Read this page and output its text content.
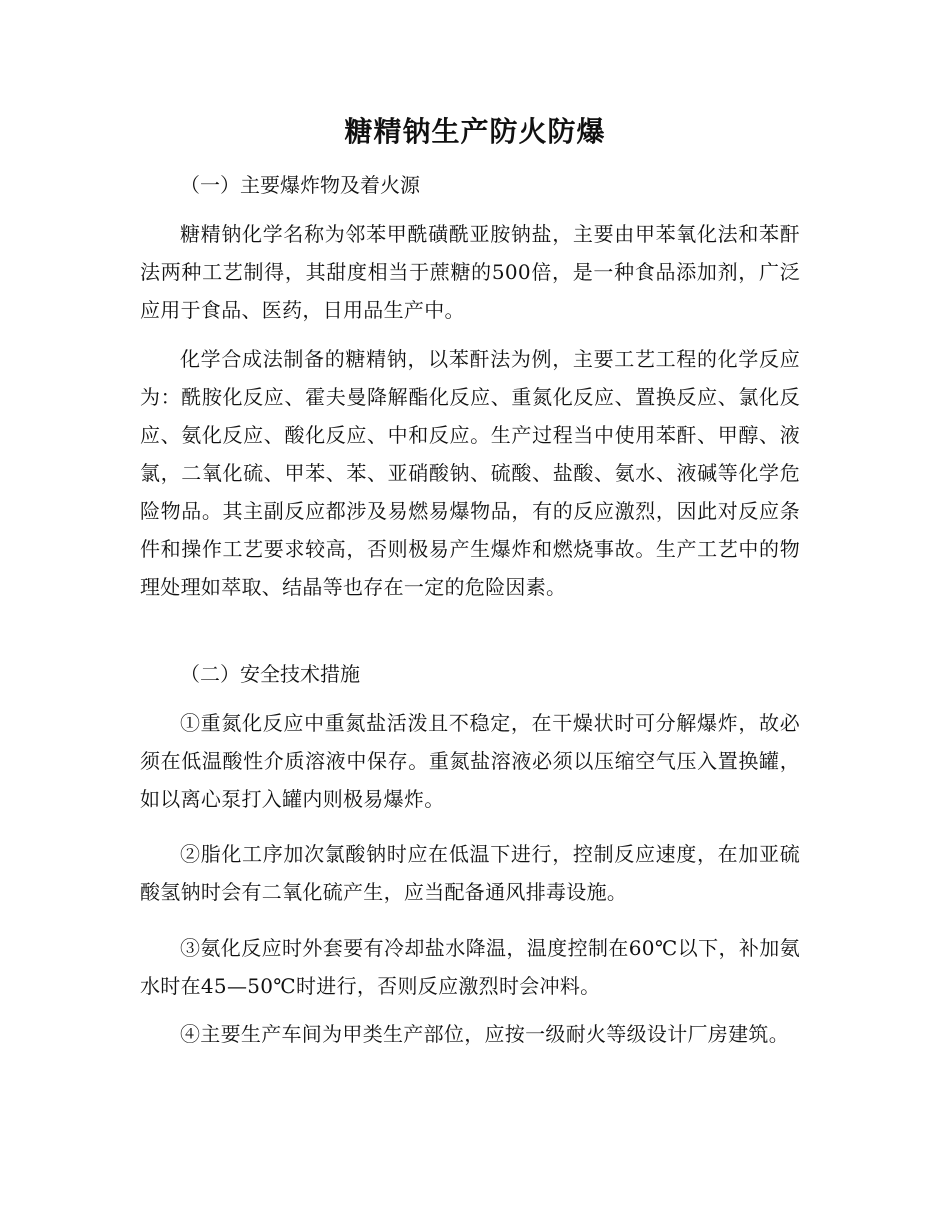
糖精钠生产防火防爆

（一）主要爆炸物及着火源

糖精钠化学名称为邻苯甲酰磺酰亚胺钠盐，主要由甲苯氧化法和苯酐法两种工艺制得，其甜度相当于蔗糖的500倍，是一种食品添加剂，广泛应用于食品、医药，日用品生产中。

化学合成法制备的糖精钠，以苯酐法为例，主要工艺工程的化学反应为：酰胺化反应、霍夫曼降解酯化反应、重氮化反应、置换反应、氯化反应、氨化反应、酸化反应、中和反应。生产过程当中使用苯酐、甲醇、液氯，二氧化硫、甲苯、苯、亚硝酸钠、硫酸、盐酸、氨水、液碱等化学危险物品。其主副反应都涉及易燃易爆物品，有的反应激烈，因此对反应条件和操作工艺要求较高，否则极易产生爆炸和燃烧事故。生产工艺中的物理处理如萃取、结晶等也存在一定的危险因素。

（二）安全技术措施

①重氮化反应中重氮盐活泼且不稳定，在干燥状时可分解爆炸，故必须在低温酸性介质溶液中保存。重氮盐溶液必须以压缩空气压入置换罐，如以离心泵打入罐内则极易爆炸。

②脂化工序加次氯酸钠时应在低温下进行，控制反应速度，在加亚硫酸氢钠时会有二氧化硫产生，应当配备通风排毒设施。

③氨化反应时外套要有冷却盐水降温，温度控制在60℃以下，补加氨水时在45—50℃时进行，否则反应激烈时会冲料。

④主要生产车间为甲类生产部位，应按一级耐火等级设计厂房建筑。
